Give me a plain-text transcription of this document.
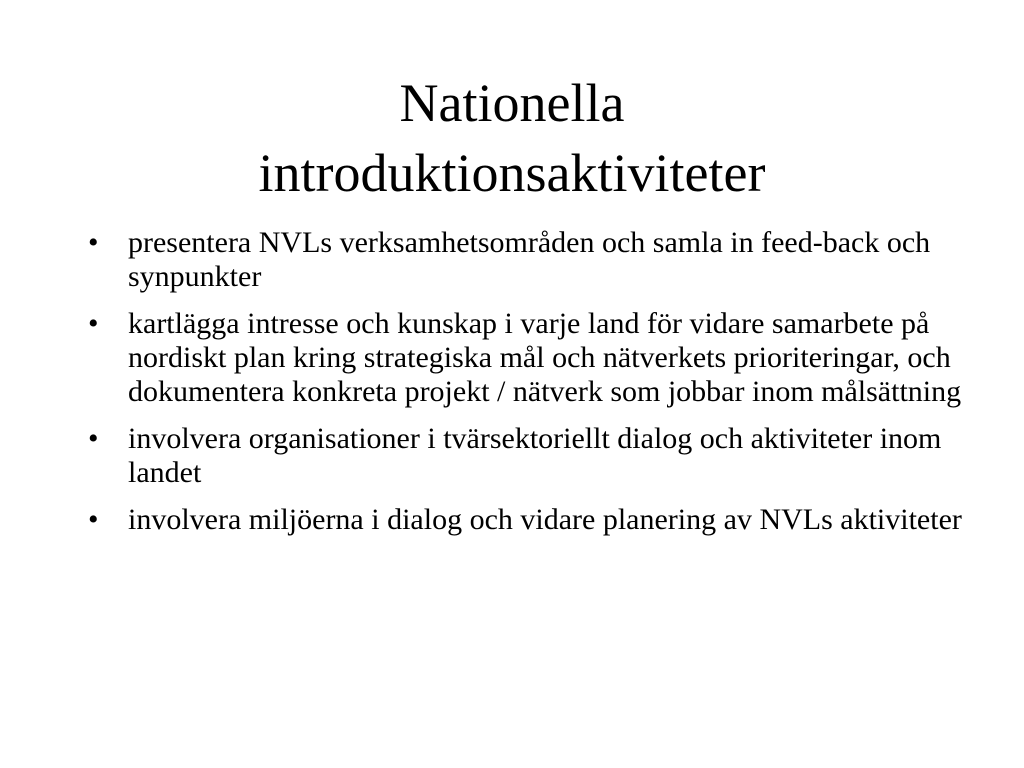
Nationella
introduktionsaktiviteter
• presentera NVLs verksamhetsområden och samla in feed-back och synpunkter
• kartlägga intresse och kunskap i varje land för vidare samarbete på nordiskt plan kring strategiska mål och nätverkets prioriteringar, och dokumentera konkreta projekt / nätverk som jobbar inom målsättning
• involvera organisationer i tvärsektoriellt dialog och aktiviteter inom landet
• involvera miljöerna i dialog och vidare planering av NVLs aktiviteter
